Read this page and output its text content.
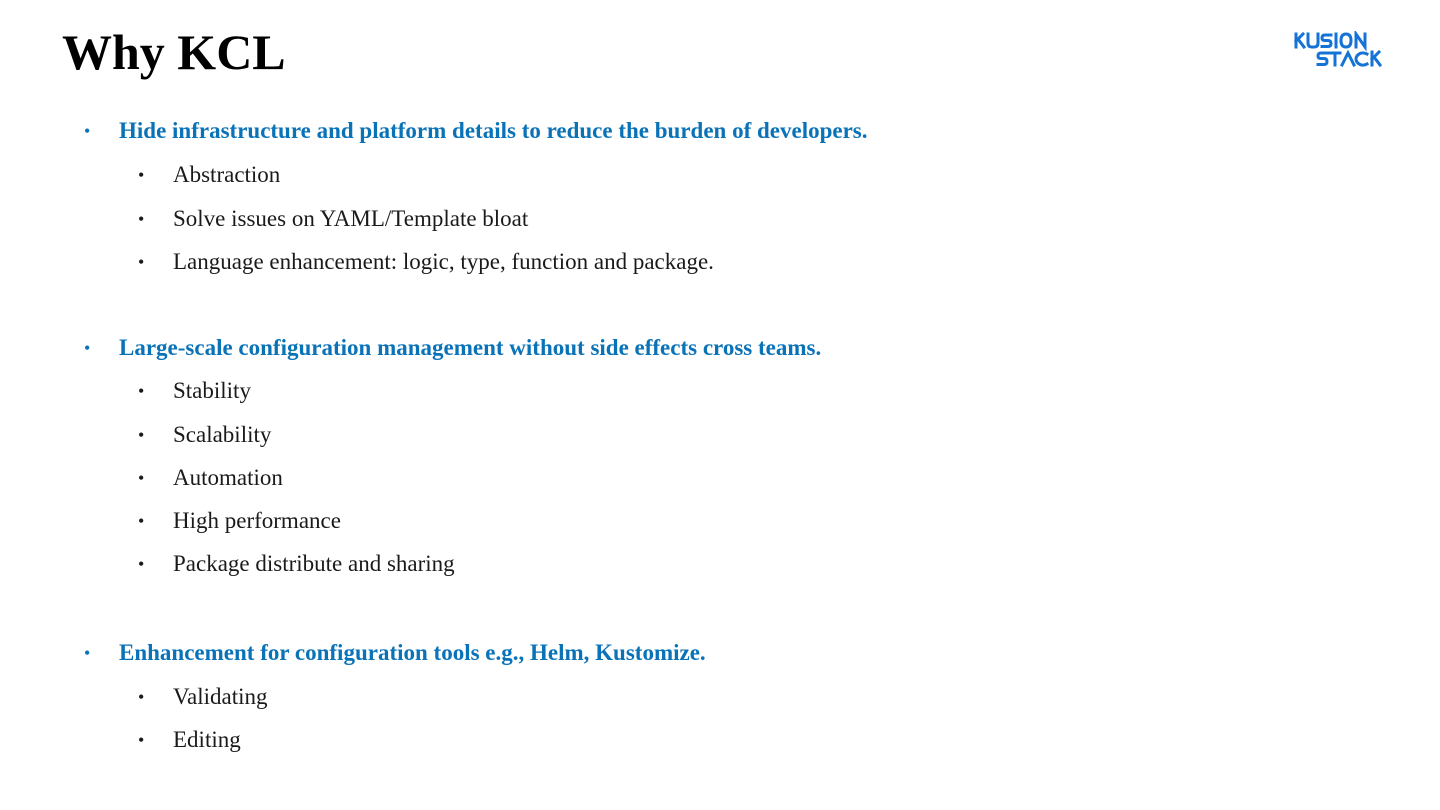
Why KCL
• Hide infrastructure and platform details to reduce the burden of developers.
• Abstraction
• Solve issues on YAML/Template bloat
• Language enhancement: logic, type, function and package.
• Large-scale configuration management without side effects cross teams.
• Stability
• Scalability
• Automation
• High performance
• Package distribute and sharing
• Enhancement for configuration tools e.g., Helm, Kustomize.
• Validating
• Editing
